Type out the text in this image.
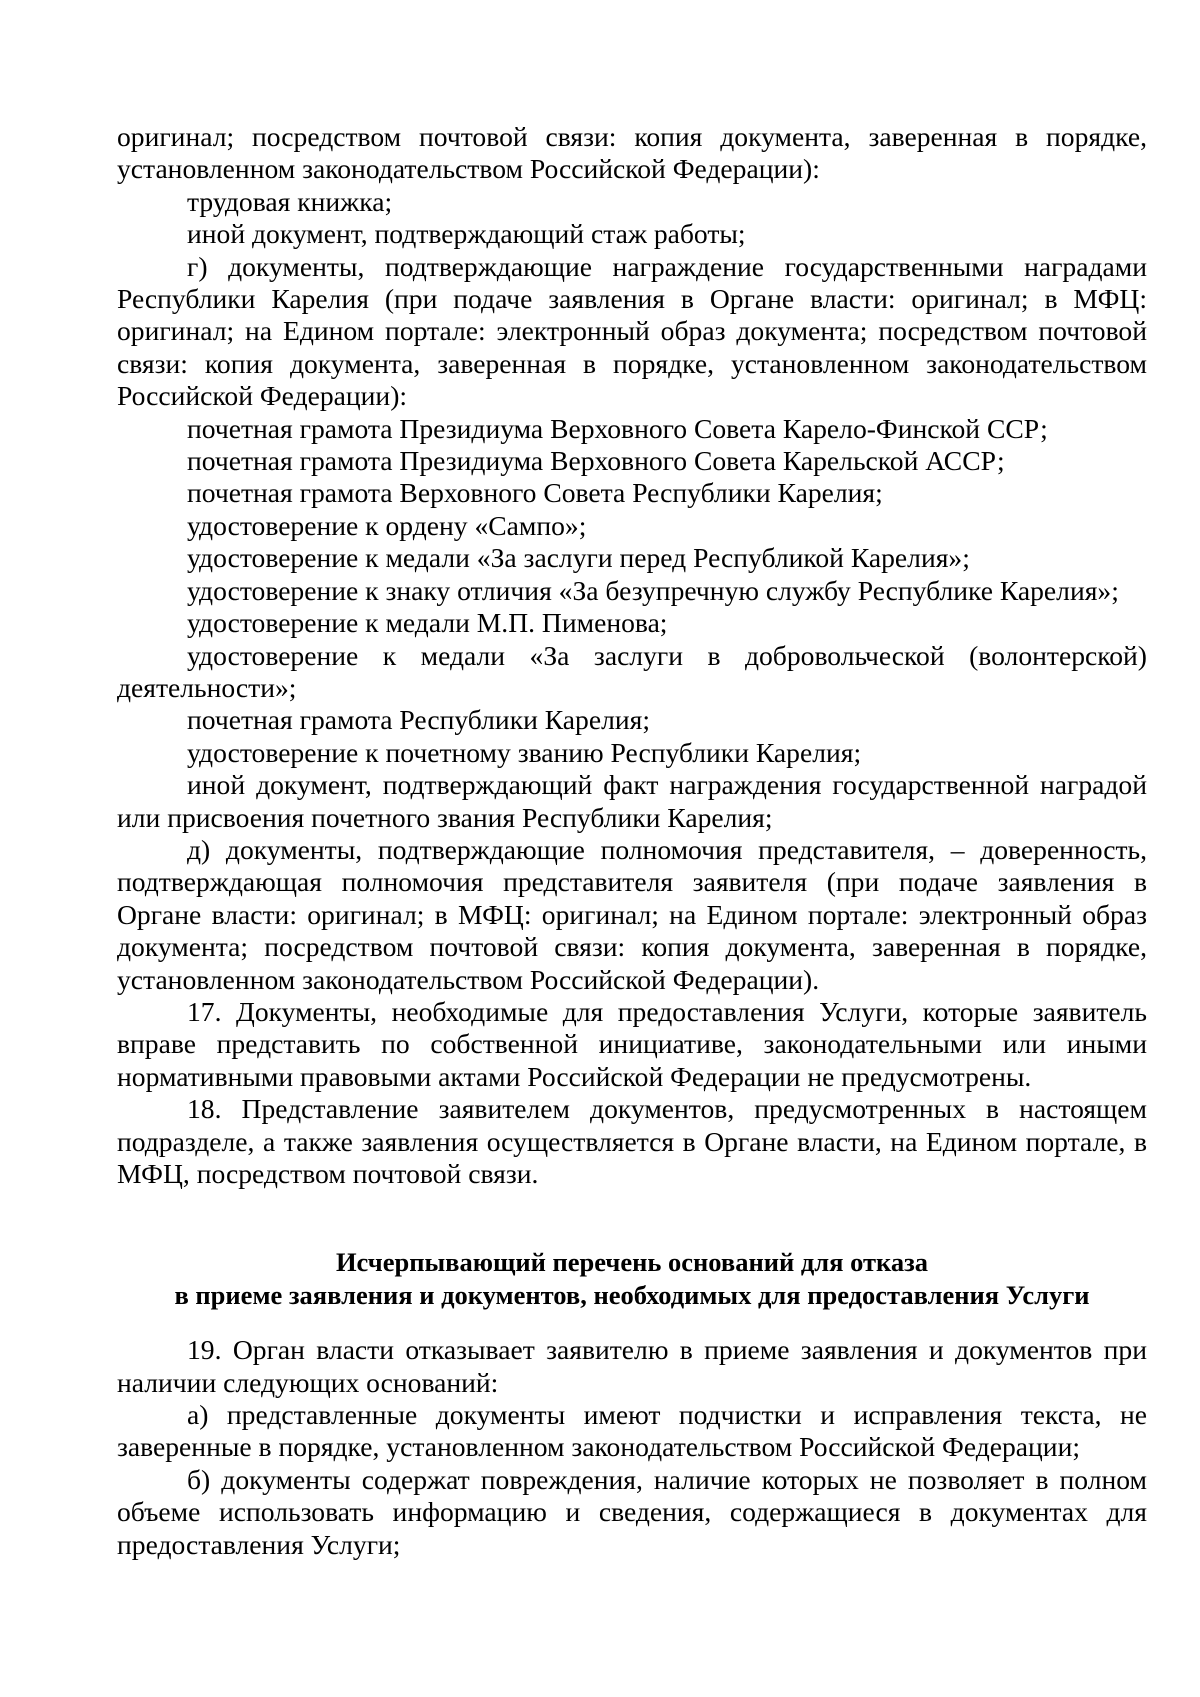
оригинал; посредством почтовой связи: копия документа, заверенная в порядке, установленном законодательством Российской Федерации):

трудовая книжка;

иной документ, подтверждающий стаж работы;

г) документы, подтверждающие награждение государственными наградами Республики Карелия (при подаче заявления в Органе власти: оригинал; в МФЦ: оригинал; на Едином портале: электронный образ документа; посредством почтовой связи: копия документа, заверенная в порядке, установленном законодательством Российской Федерации):

почетная грамота Президиума Верховного Совета Карело-Финской ССР;

почетная грамота Президиума Верховного Совета Карельской АССР;

почетная грамота Верховного Совета Республики Карелия;

удостоверение к ордену «Сампо»;

удостоверение к медали «За заслуги перед Республикой Карелия»;

удостоверение к знаку отличия «За безупречную службу Республике Карелия»;

удостоверение к медали М.П. Пименова;

удостоверение к медали «За заслуги в добровольческой (волонтерской) деятельности»;

почетная грамота Республики Карелия;

удостоверение к почетному званию Республики Карелия;

иной документ, подтверждающий факт награждения государственной наградой или присвоения почетного звания Республики Карелия;

д) документы, подтверждающие полномочия представителя, – доверенность, подтверждающая полномочия представителя заявителя (при подаче заявления в Органе власти: оригинал; в МФЦ: оригинал; на Едином портале: электронный образ документа; посредством почтовой связи: копия документа, заверенная в порядке, установленном законодательством Российской Федерации).

17. Документы, необходимые для предоставления Услуги, которые заявитель вправе представить по собственной инициативе, законодательными или иными нормативными правовыми актами Российской Федерации не предусмотрены.

18. Представление заявителем документов, предусмотренных в настоящем подразделе, а также заявления осуществляется в Органе власти, на Едином портале, в МФЦ, посредством почтовой связи.

Исчерпывающий перечень оснований для отказа

в приеме заявления и документов, необходимых для предоставления Услуги

19. Орган власти отказывает заявителю в приеме заявления и документов при наличии следующих оснований:

а) представленные документы имеют подчистки и исправления текста, не заверенные в порядке, установленном законодательством Российской Федерации;

б) документы содержат повреждения, наличие которых не позволяет в полном объеме использовать информацию и сведения, содержащиеся в документах для предоставления Услуги;
